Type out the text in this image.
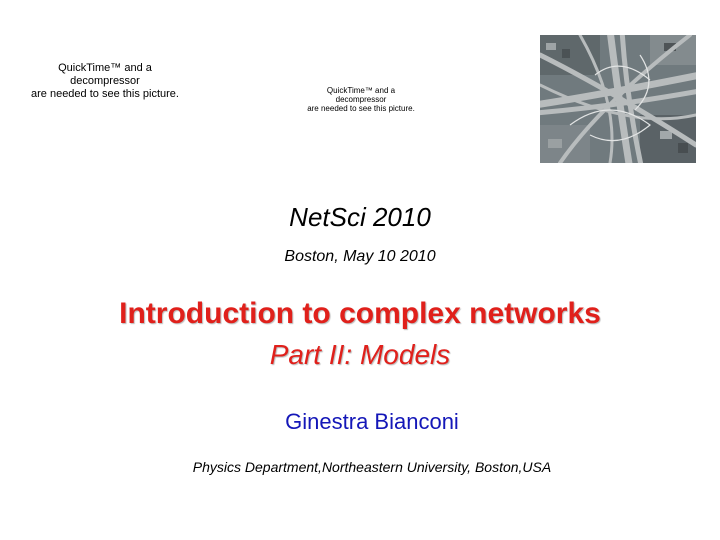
QuickTime™ and a
decompressor
are needed to see this picture.	QuickTime™ and a
decompressor
are needed to see this picture.
NetSci 2010
Boston, May 10 2010
Introduction to complex networks
Part II: Models
Ginestra Bianconi
Physics Department,Northeastern University, Boston,USA
